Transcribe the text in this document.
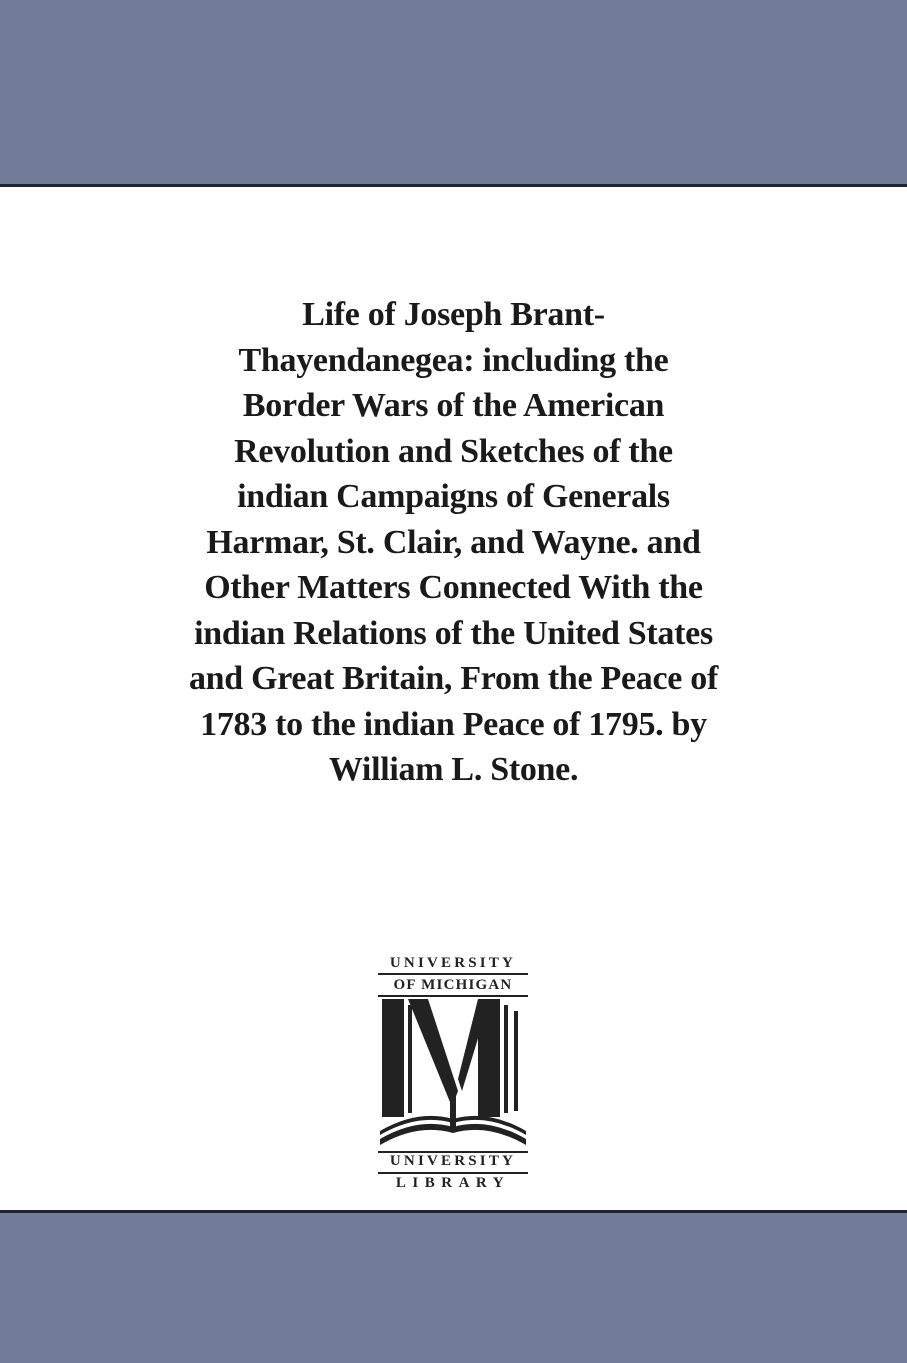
Life of Joseph Brant-
Thayendanegea: including the
Border Wars of the American
Revolution and Sketches of the
indian Campaigns of Generals
Harmar, St. Clair, and Wayne. and
Other Matters Connected With the
indian Relations of the United States
and Great Britain, From the Peace of
1783 to the indian Peace of 1795. by
William L. Stone.
UNIVERSITY
OF MICHIGAN
UNIVERSITY
LIBRARY
